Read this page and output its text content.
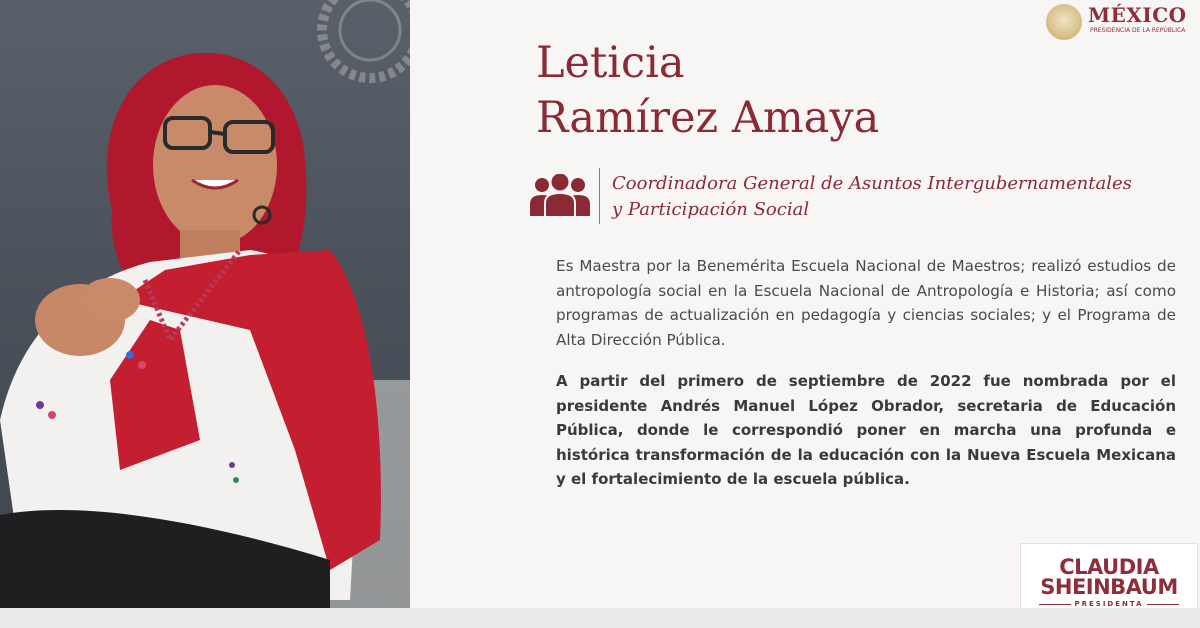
MÉXICO
PRESIDENCIA DE LA REPÚBLICA
Leticia
Ramírez Amaya
Coordinadora General de Asuntos Intergubernamentales
y Participación Social

Es Maestra por la Benemérita Escuela Nacional de Maestros; realizó estudios de antropología social en la Escuela Nacional de Antropología e Historia; así como programas de actualización en pedagogía y ciencias sociales; y el Programa de Alta Dirección Pública.

A partir del primero de septiembre de 2022 fue nombrada por el presidente Andrés Manuel López Obrador, secretaria de Educación Pública, donde le correspondió poner en marcha una profunda e histórica transformación de la educación con la Nueva Escuela Mexicana y el fortalecimiento de la escuela pública.

CLAUDIA
SHEINBAUM
PRESIDENTA
